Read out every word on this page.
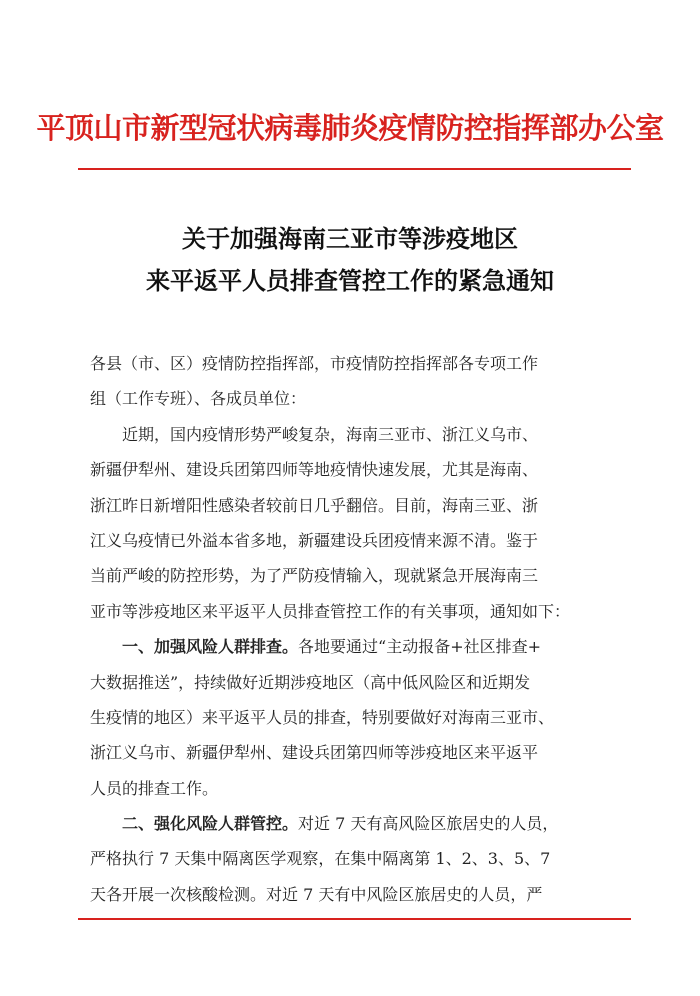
平顶山市新型冠状病毒肺炎疫情防控指挥部办公室
关于加强海南三亚市等涉疫地区
来平返平人员排查管控工作的紧急通知
各县（市、区）疫情防控指挥部，市疫情防控指挥部各专项工作
组（工作专班）、各成员单位：
近期，国内疫情形势严峻复杂，海南三亚市、浙江义乌市、
新疆伊犁州、建设兵团第四师等地疫情快速发展，尤其是海南、
浙江昨日新增阳性感染者较前日几乎翻倍。目前，海南三亚、浙
江义乌疫情已外溢本省多地，新疆建设兵团疫情来源不清。鉴于
当前严峻的防控形势，为了严防疫情输入，现就紧急开展海南三
亚市等涉疫地区来平返平人员排查管控工作的有关事项，通知如下：
一、加强风险人群排查。各地要通过“主动报备+社区排查+
大数据推送”，持续做好近期涉疫地区（高中低风险区和近期发
生疫情的地区）来平返平人员的排查，特别要做好对海南三亚市、
浙江义乌市、新疆伊犁州、建设兵团第四师等涉疫地区来平返平
人员的排查工作。
二、强化风险人群管控。对近 7 天有高风险区旅居史的人员，
严格执行 7 天集中隔离医学观察，在集中隔离第 1、2、3、5、7
天各开展一次核酸检测。对近 7 天有中风险区旅居史的人员，严
